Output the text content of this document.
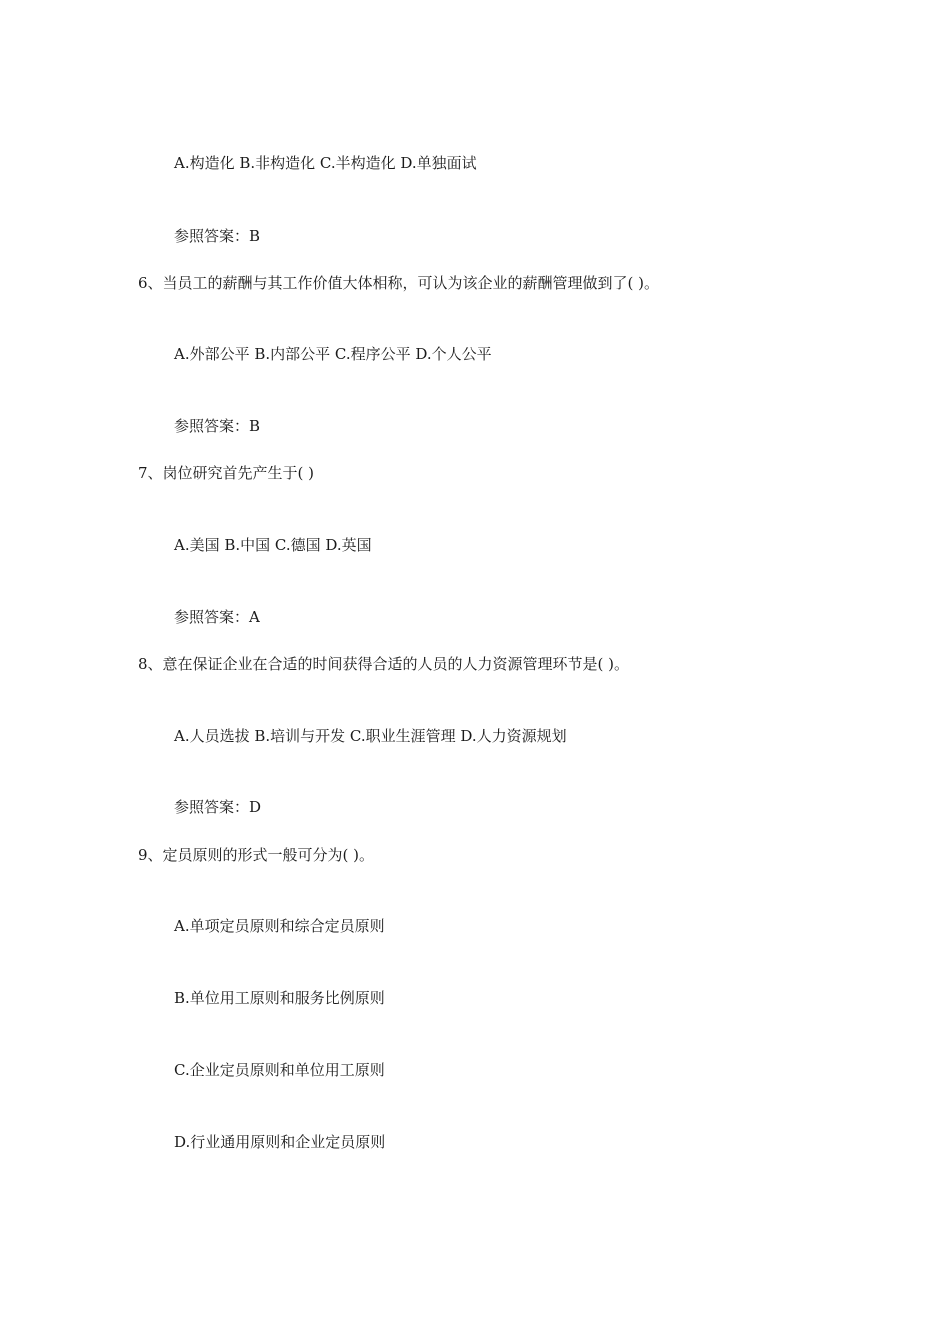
A.构造化 B.非构造化 C.半构造化 D.单独面试
参照答案：B
6、当员工的薪酬与其工作价值大体相称，可认为该企业的薪酬管理做到了( )。
A.外部公平 B.内部公平 C.程序公平 D.个人公平
参照答案：B
7、岗位研究首先产生于( )
A.美国 B.中国 C.德国 D.英国
参照答案：A
8、意在保证企业在合适的时间获得合适的人员的人力资源管理环节是( )。
A.人员选拔 B.培训与开发 C.职业生涯管理 D.人力资源规划
参照答案：D
9、定员原则的形式一般可分为( )。
A.单项定员原则和综合定员原则
B.单位用工原则和服务比例原则
C.企业定员原则和单位用工原则
D.行业通用原则和企业定员原则
